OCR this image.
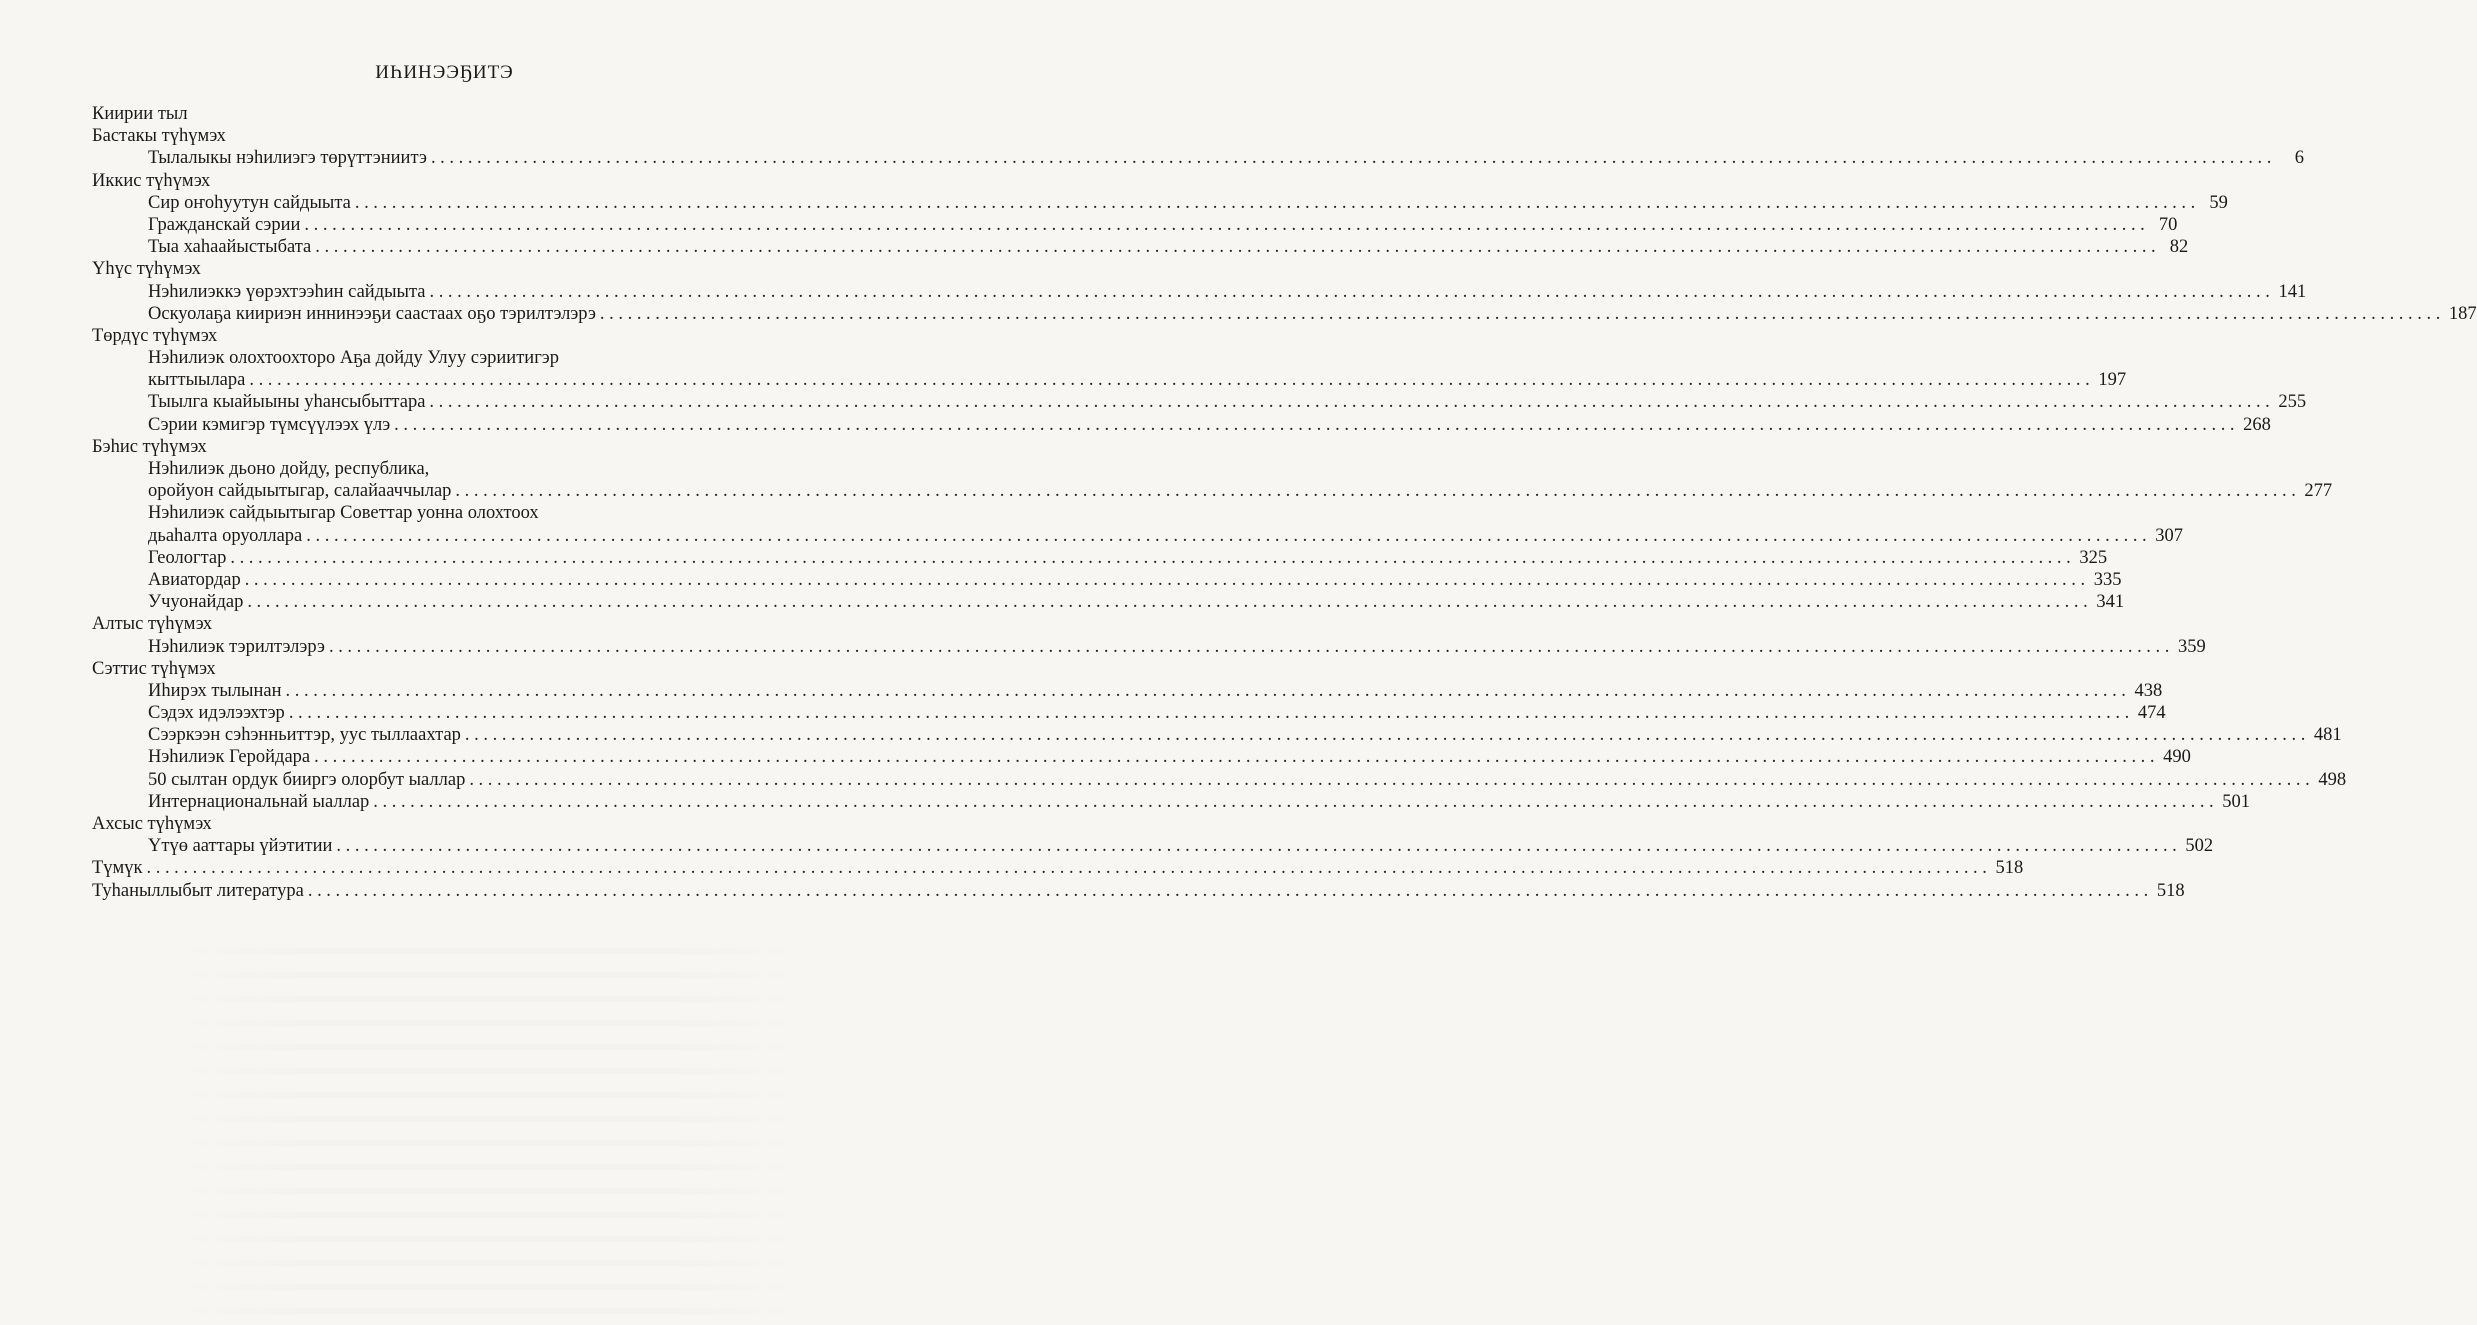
ИҺИНЭЭҔИТЭ
Киирии тыл
Бастакы түһүмэх
Тылалыкы нэһилиэгэ төрүттэниитэ ........................................................................................................................................................................................................	6
Иккис түһүмэх
Сир оҥоһуутун сайдыыта ........................................................................................................................................................................................................ 59
Гражданскай сэрии ........................................................................................................................................................................................................ 70
Тыа хаһаайыстыбата ........................................................................................................................................................................................................ 82
Үһүс түһүмэх
Нэһилиэккэ үөрэхтээһин сайдыыта ........................................................................................................................................................................................................ 141
Оскуолаҕа киириэн иннинээҕи саастаах оҕо тэрилтэлэрэ ........................................................................................................................................................................................................ 187
Төрдүс түһүмэх
Нэһилиэк олохтоохторо Аҕа дойду Улуу сэриитигэр
кыттыылара ........................................................................................................................................................................................................ 197
Тыылга кыайыыны уһансыбыттара ........................................................................................................................................................................................................ 255
Сэрии кэмигэр түмсүүлээх үлэ ........................................................................................................................................................................................................ 268
Бэһис түһүмэх
Нэһилиэк дьоно дойду, республика,
оройуон сайдыытыгар, салайааччылар ........................................................................................................................................................................................................ 277
Нэһилиэк сайдыытыгар Советтар уонна олохтоох
дьаһалта оруоллара ........................................................................................................................................................................................................ 307
Геологтар ........................................................................................................................................................................................................ 325
Авиатордар ........................................................................................................................................................................................................ 335
Учуонайдар ........................................................................................................................................................................................................ 341
Алтыс түһүмэх
Нэһилиэк тэрилтэлэрэ ........................................................................................................................................................................................................ 359
Сэттис түһүмэх
Иһирэх тылынан ........................................................................................................................................................................................................ 438
Сэдэх идэлээхтэр ........................................................................................................................................................................................................ 474
Сээркээн сэһэнньиттэр, уус тыллаахтар ........................................................................................................................................................................................................ 481
Нэһилиэк Геройдара ........................................................................................................................................................................................................ 490
50 сылтан ордук бииргэ олорбут ыаллар ........................................................................................................................................................................................................ 498
Интернациональнай ыаллар ........................................................................................................................................................................................................ 501
Ахсыс түһүмэх
Үтүө ааттары үйэтитии ........................................................................................................................................................................................................ 502
Түмүк ........................................................................................................................................................................................................ 518
Туһаныллыбыт литература ........................................................................................................................................................................................................ 518
